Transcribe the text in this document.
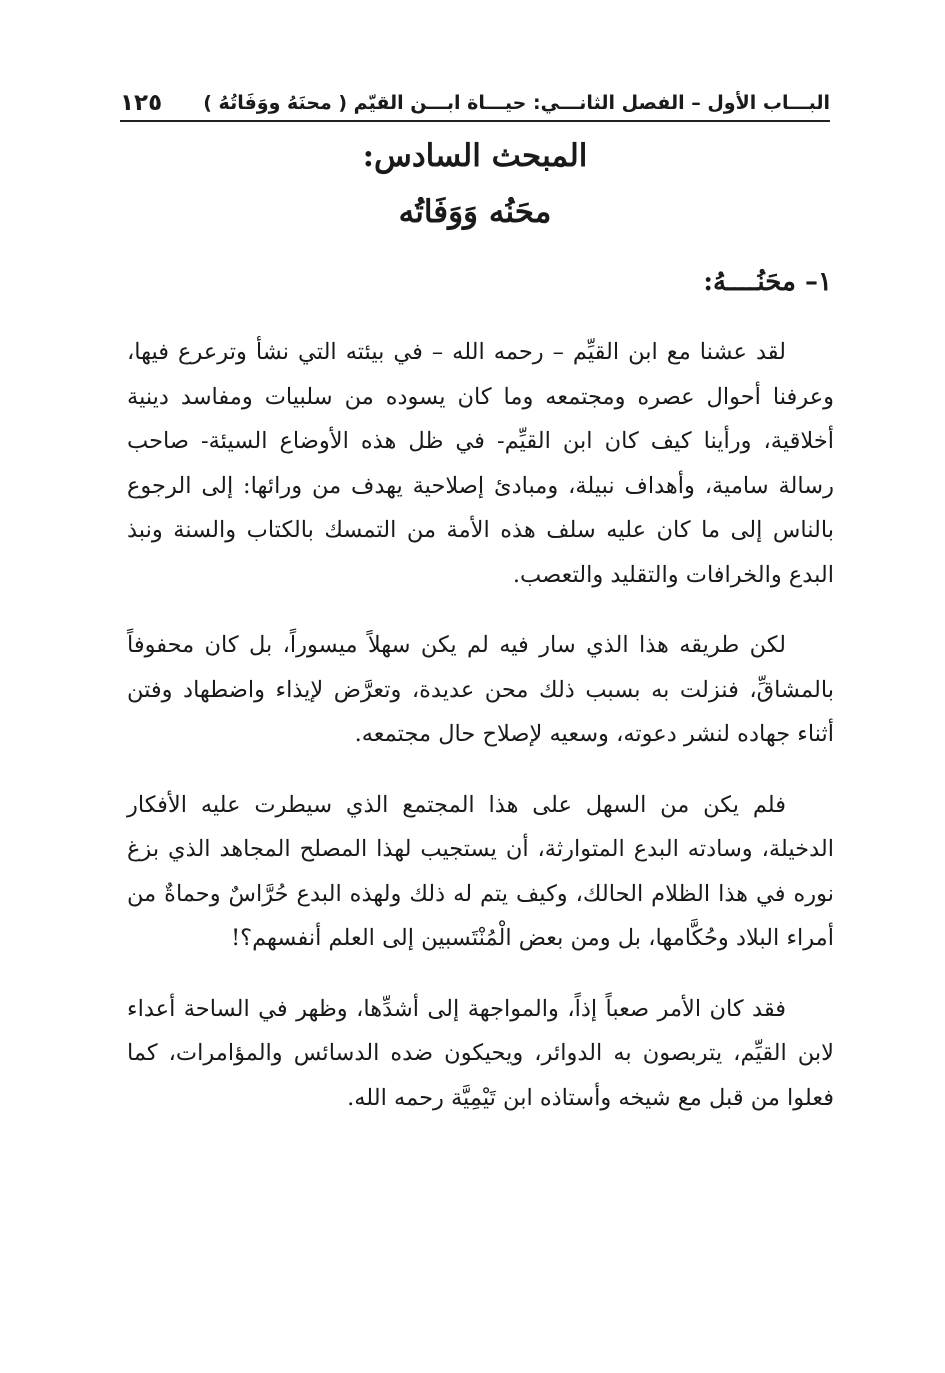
البـــاب الأول – الفصل الثانـــي: حيـــاة ابـــن القيّم ( محنَهُ ووَفَاتُهُ )
١٢٥
المبحث السادس:
محَنُه وَوَفَاتُه
١– محَنُــــهُ:

لقد عشنا مع ابن القيِّم – رحمه الله – في بيئته التي نشأ وترعرع فيها، وعرفنا أحوال عصره ومجتمعه وما كان يسوده من سلبيات ومفاسد دينية أخلاقية، ورأينا كيف كان ابن القيِّم- في ظل هذه الأوضاع السيئة- صاحب رسالة سامية، وأهداف نبيلة، ومبادئ إصلاحية يهدف من ورائها: إلى الرجوع بالناس إلى ما كان عليه سلف هذه الأمة من التمسك بالكتاب والسنة ونبذ البدع والخرافات والتقليد والتعصب.

لكن طريقه هذا الذي سار فيه لم يكن سهلاً ميسوراً، بل كان محفوفاً بالمشاقِّ، فنزلت به بسبب ذلك محن عديدة، وتعرَّض لإيذاء واضطهاد وفتن أثناء جهاده لنشر دعوته، وسعيه لإصلاح حال مجتمعه.

فلم يكن من السهل على هذا المجتمع الذي سيطرت عليه الأفكار الدخيلة، وسادته البدع المتوارثة، أن يستجيب لهذا المصلح المجاهد الذي بزغ نوره في هذا الظلام الحالك، وكيف يتم له ذلك ولهذه البدع حُرَّاسٌ وحماةٌ من أمراء البلاد وحُكَّامها، بل ومن بعض الْمُنْتَسبين إلى العلم أنفسهم؟!

فقد كان الأمر صعباً إذاً، والمواجهة إلى أشدِّها، وظهر في الساحة أعداء لابن القيِّم، يتربصون به الدوائر، ويحيكون ضده الدسائس والمؤامرات، كما فعلوا من قبل مع شيخه وأستاذه ابن تَيْمِيَّة رحمه الله.
